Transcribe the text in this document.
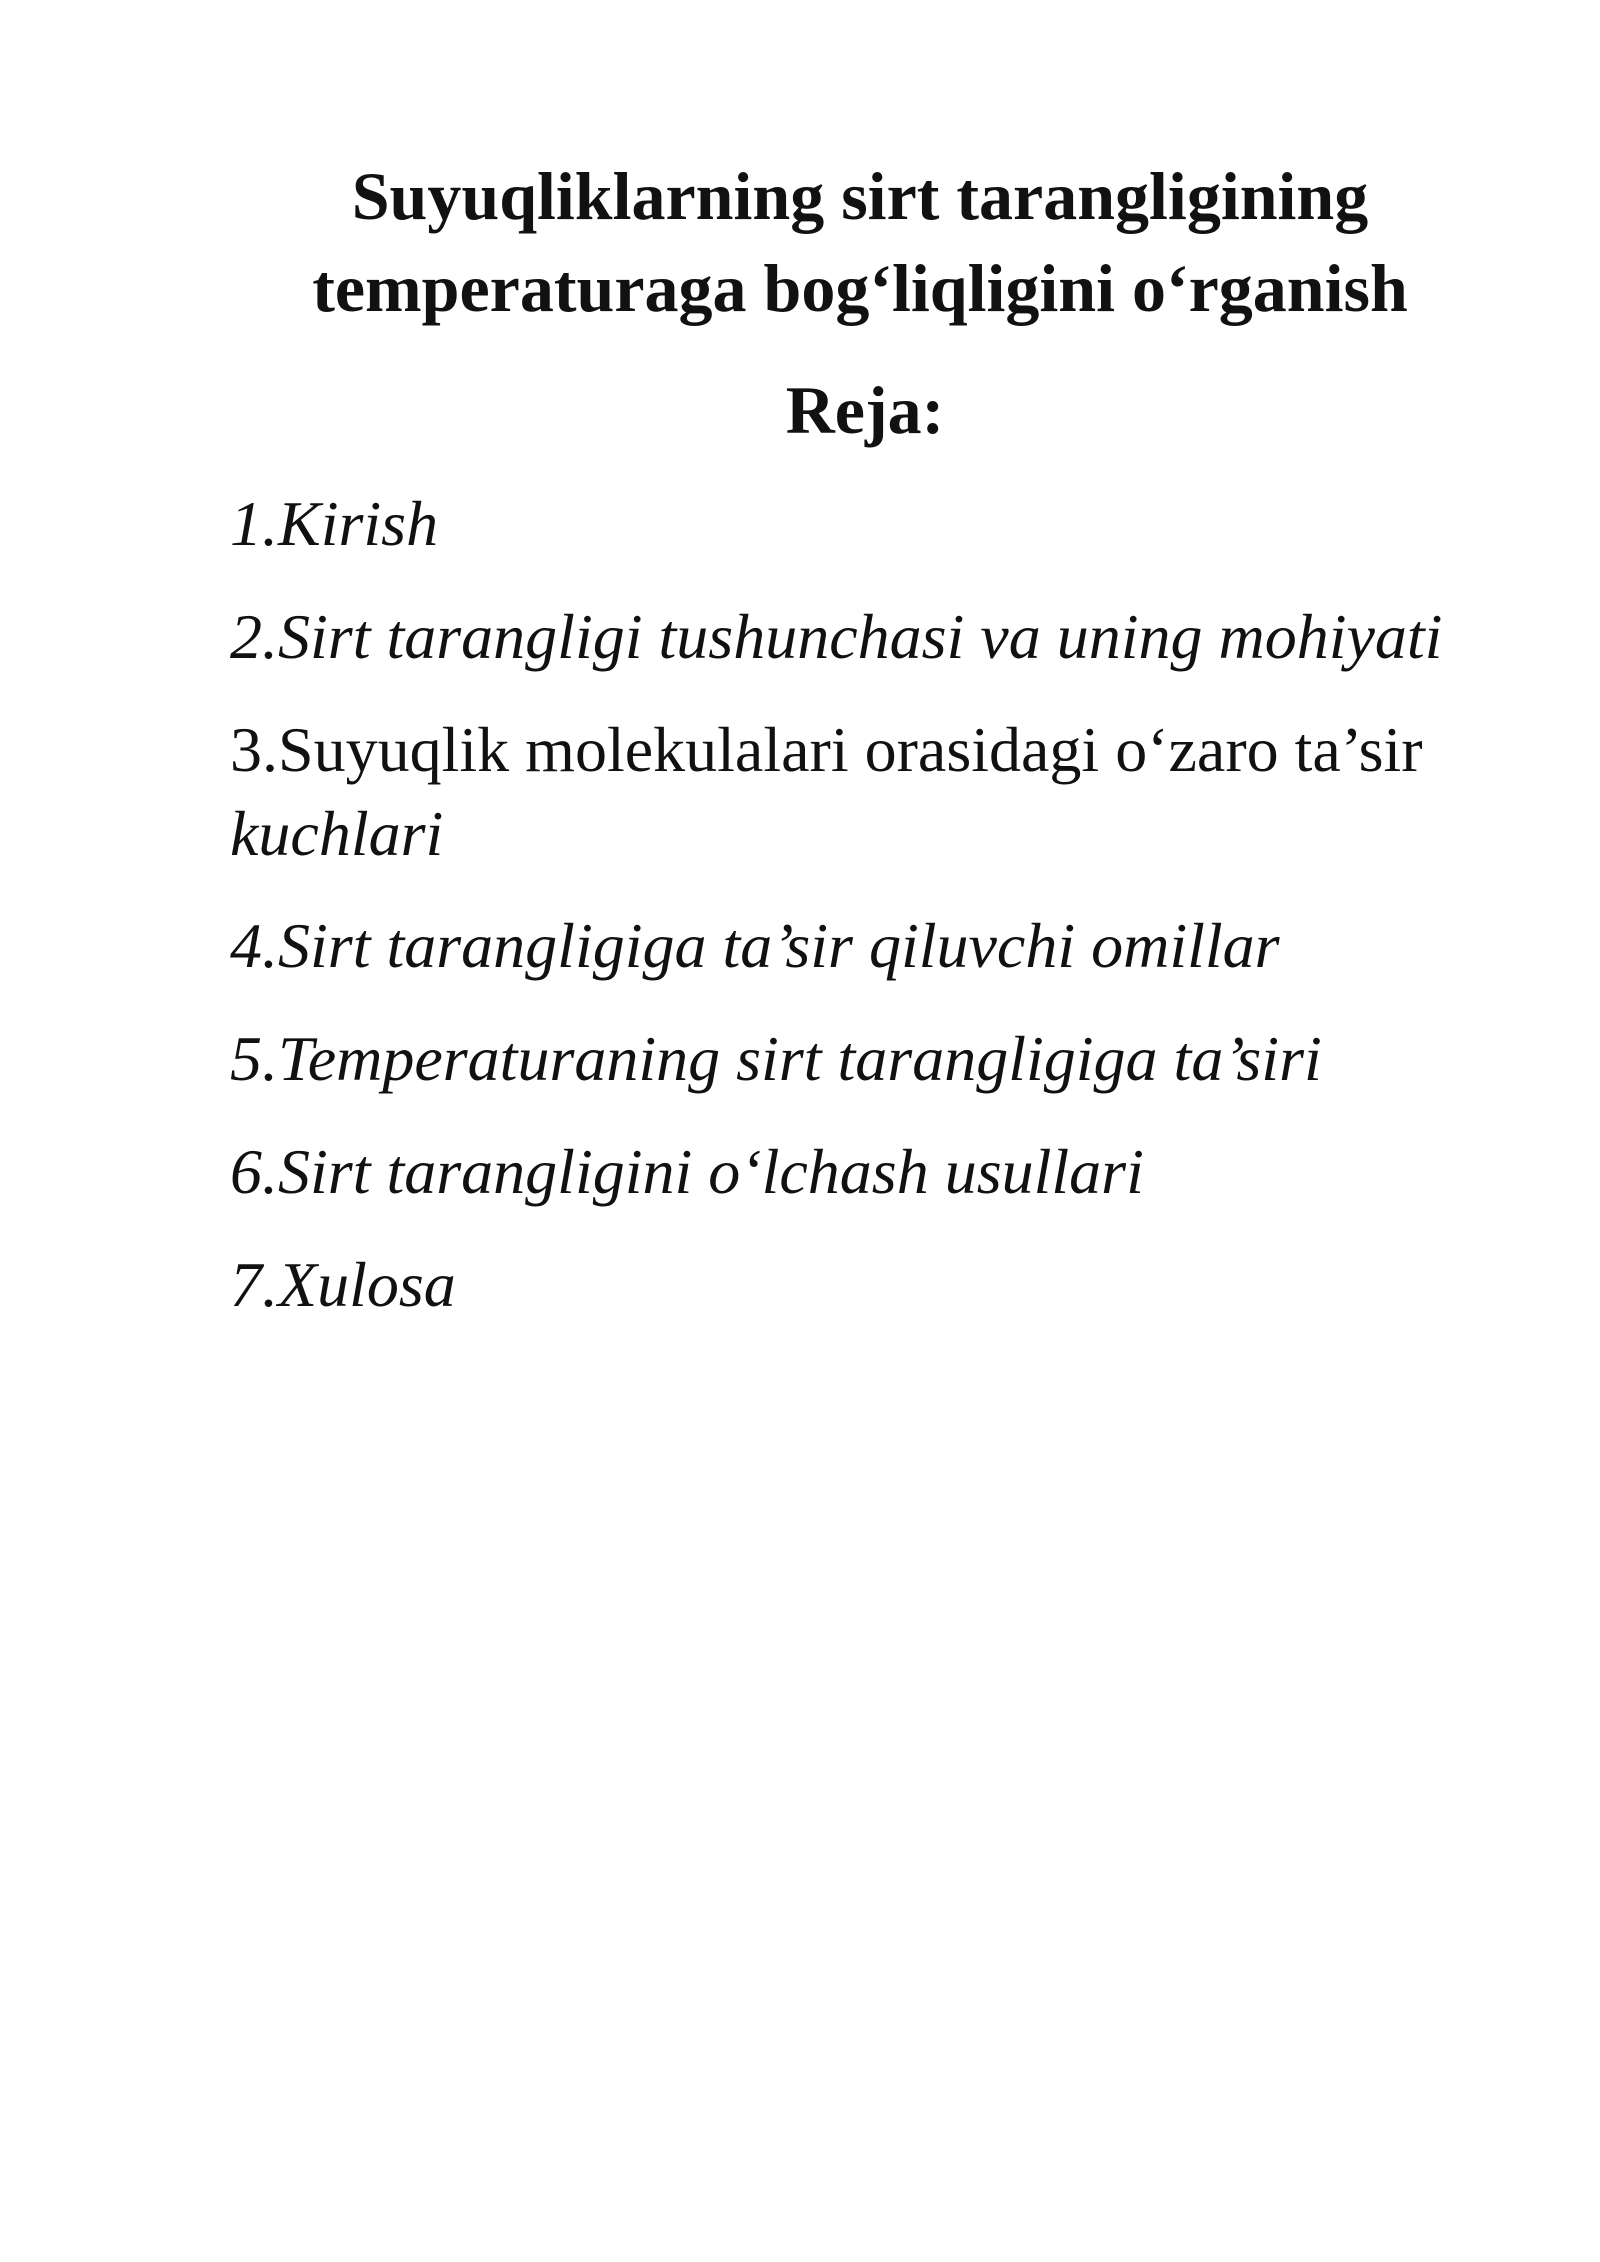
Suyuqliklarning sirt tarangligining
temperaturaga bog‘liqligini o‘rganish
Reja:
1.Kirish
2.Sirt tarangligi tushunchasi va uning mohiyati
3.Suyuqlik molekulalari orasidagi o‘zaro ta’sir
kuchlari
4.Sirt tarangligiga ta’sir qiluvchi omillar
5.Temperaturaning sirt tarangligiga ta’siri
6.Sirt tarangligini o‘lchash usullari
7.Xulosa
